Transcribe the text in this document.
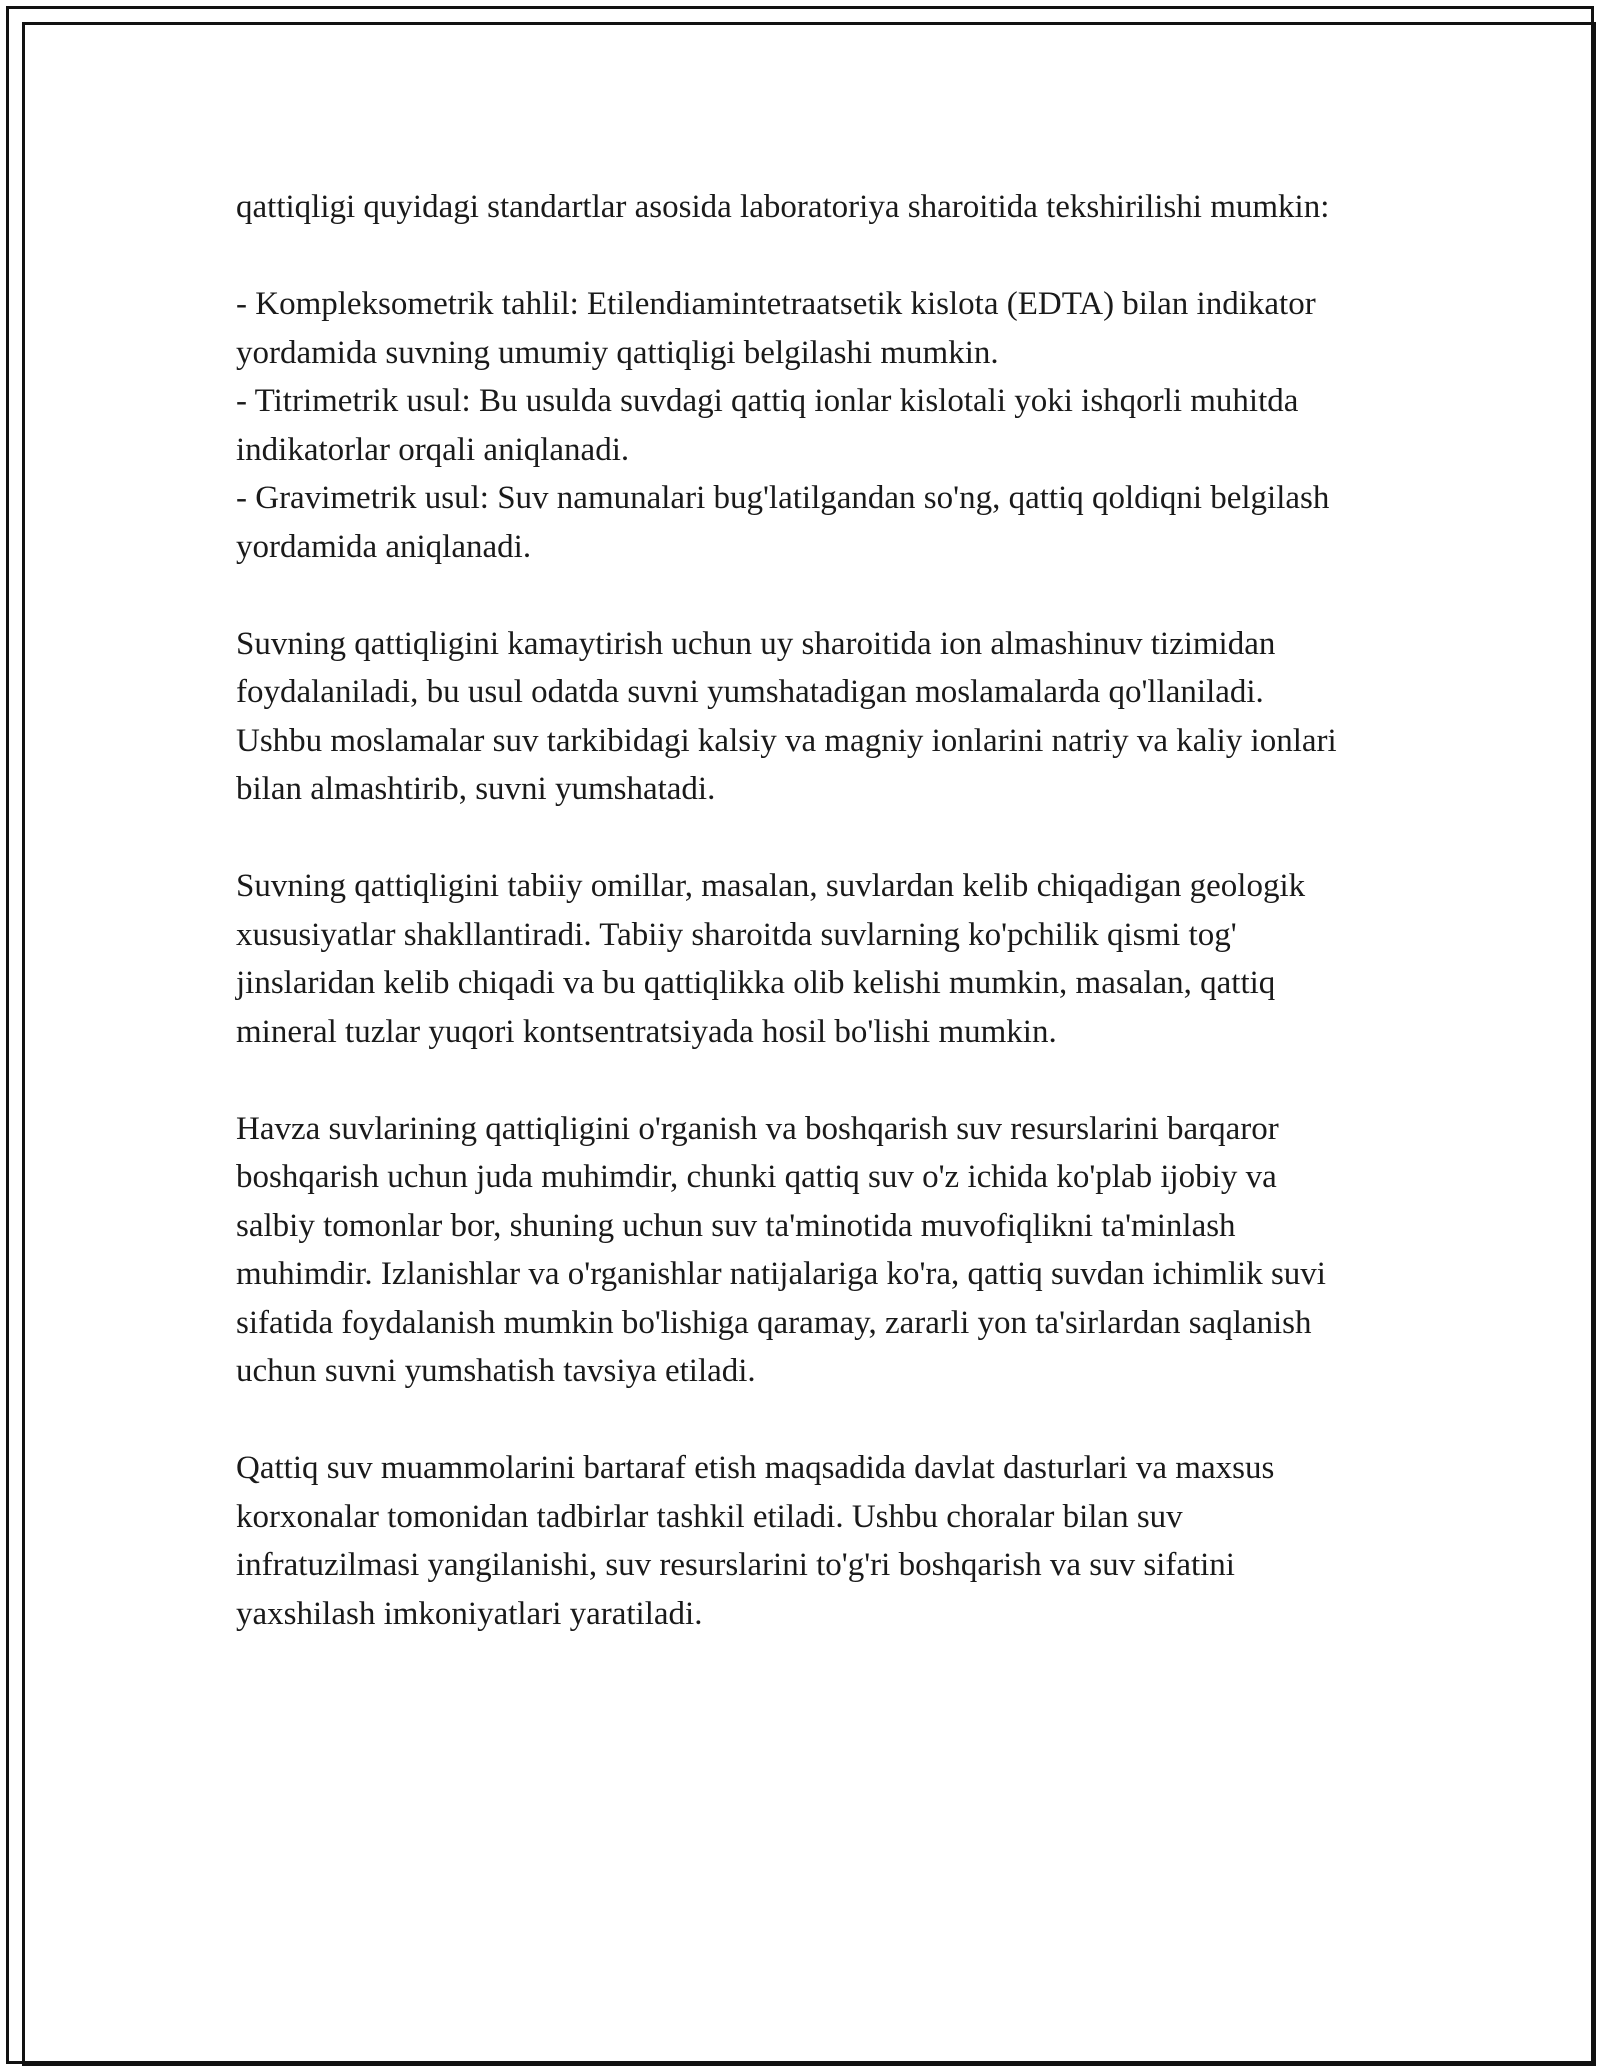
qattiqligi quyidagi standartlar asosida laboratoriya sharoitida tekshirilishi mumkin:

- Kompleksometrik tahlil: Etilendiamintetraatsetik kislota (EDTA) bilan indikator yordamida suvning umumiy qattiqligi belgilashi mumkin.
- Titrimetrik usul: Bu usulda suvdagi qattiq ionlar kislotali yoki ishqorli muhitda indikatorlar orqali aniqlanadi.
- Gravimetrik usul: Suv namunalari bug'latilgandan so'ng, qattiq qoldiqni belgilash yordamida aniqlanadi.

Suvning qattiqligini kamaytirish uchun uy sharoitida ion almashinuv tizimidan foydalaniladi, bu usul odatda suvni yumshatadigan moslamalarda qo'llaniladi. Ushbu moslamalar suv tarkibidagi kalsiy va magniy ionlarini natriy va kaliy ionlari bilan almashtirib, suvni yumshatadi.

Suvning qattiqligini tabiiy omillar, masalan, suvlardan kelib chiqadigan geologik xususiyatlar shakllantiradi. Tabiiy sharoitda suvlarning ko'pchilik qismi tog' jinslaridan kelib chiqadi va bu qattiqlikka olib kelishi mumkin, masalan, qattiq mineral tuzlar yuqori kontsentratsiyada hosil bo'lishi mumkin.

Havza suvlarining qattiqligini o'rganish va boshqarish suv resurslarini barqaror boshqarish uchun juda muhimdir, chunki qattiq suv o'z ichida ko'plab ijobiy va salbiy tomonlar bor, shuning uchun suv ta'minotida muvofiqlikni ta'minlash muhimdir. Izlanishlar va o'rganishlar natijalariga ko'ra, qattiq suvdan ichimlik suvi sifatida foydalanish mumkin bo'lishiga qaramay, zararli yon ta'sirlardan saqlanish uchun suvni yumshatish tavsiya etiladi.

Qattiq suv muammolarini bartaraf etish maqsadida davlat dasturlari va maxsus korxonalar tomonidan tadbirlar tashkil etiladi. Ushbu choralar bilan suv infratuzilmasi yangilanishi, suv resurslarini to'g'ri boshqarish va suv sifatini yaxshilash imkoniyatlari yaratiladi.
